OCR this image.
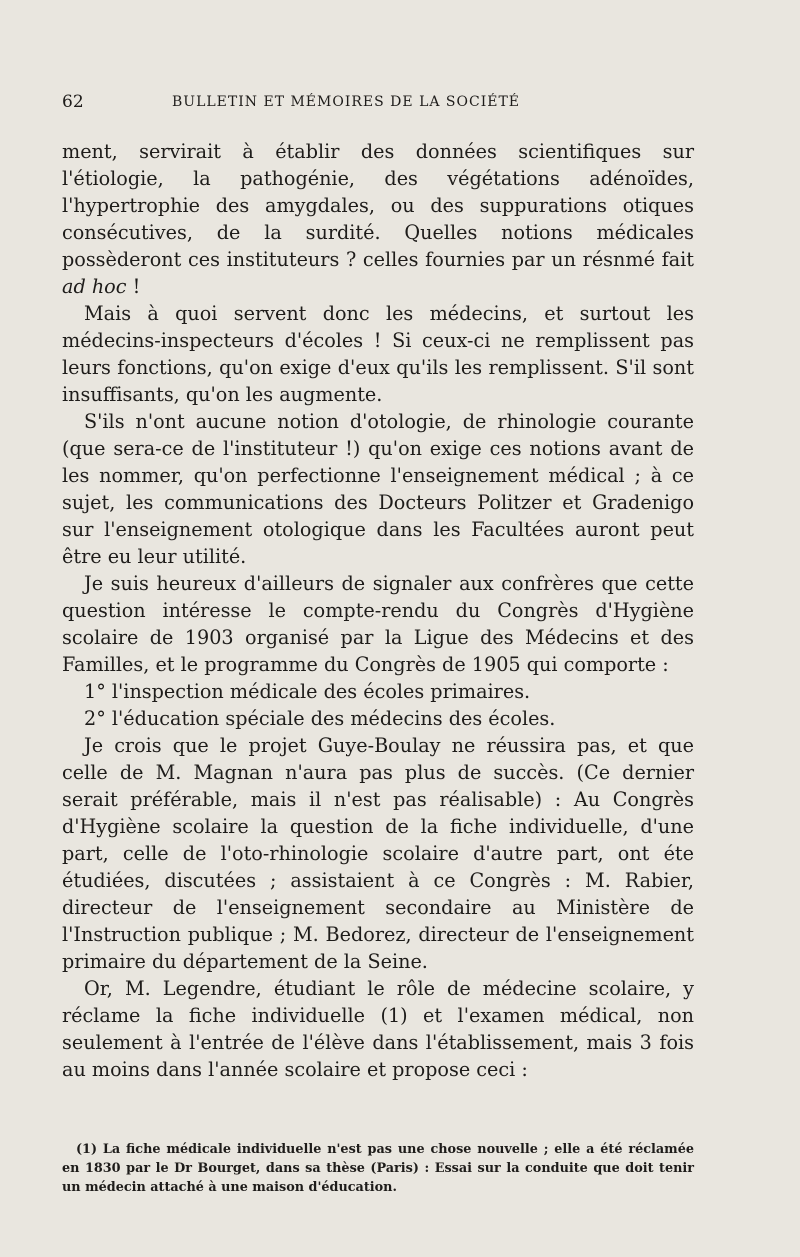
62	BULLETIN ET MÉMOIRES DE LA SOCIÉTÉ

ment, servirait à établir des données scientifiques sur l'étiologie, la pathogénie, des végétations adénoïdes, l'hypertrophie des amygdales, ou des suppurations otiques consécutives, de la surdité. Quelles notions médicales possèderont ces instituteurs ? celles fournies par un résnmé fait ad hoc !

Mais à quoi servent donc les médecins, et surtout les médecins-inspecteurs d'écoles ! Si ceux-ci ne remplissent pas leurs fonctions, qu'on exige d'eux qu'ils les remplissent. S'il sont insuffisants, qu'on les augmente.

S'ils n'ont aucune notion d'otologie, de rhinologie courante (que sera-ce de l'instituteur !) qu'on exige ces notions avant de les nommer, qu'on perfectionne l'enseignement médical ; à ce sujet, les communications des Docteurs Politzer et Gradenigo sur l'enseignement otologique dans les Facultées auront peut être eu leur utilité.

Je suis heureux d'ailleurs de signaler aux confrères que cette question intéresse le compte-rendu du Congrès d'Hygiène scolaire de 1903 organisé par la Ligue des Médecins et des Familles, et le programme du Congrès de 1905 qui comporte :

1° l'inspection médicale des écoles primaires.

2° l'éducation spéciale des médecins des écoles.

Je crois que le projet Guye-Boulay ne réussira pas, et que celle de M. Magnan n'aura pas plus de succès. (Ce dernier serait préférable, mais il n'est pas réalisable) : Au Congrès d'Hygiène scolaire la question de la fiche individuelle, d'une part, celle de l'oto-rhinologie scolaire d'autre part, ont éte étudiées, discutées ; assistaient à ce Congrès : M. Rabier, directeur de l'enseignement secondaire au Ministère de l'Instruction publique ; M. Bedorez, directeur de l'enseignement primaire du département de la Seine.

Or, M. Legendre, étudiant le rôle de médecine scolaire, y réclame la fiche individuelle (1) et l'examen médical, non seulement à l'entrée de l'élève dans l'établissement, mais 3 fois au moins dans l'année scolaire et propose ceci :

(1) La fiche médicale individuelle n'est pas une chose nouvelle ; elle a été réclamée en 1830 par le Dr Bourget, dans sa thèse (Paris) : Essai sur la conduite que doit tenir un médecin attaché à une maison d'éducation.
